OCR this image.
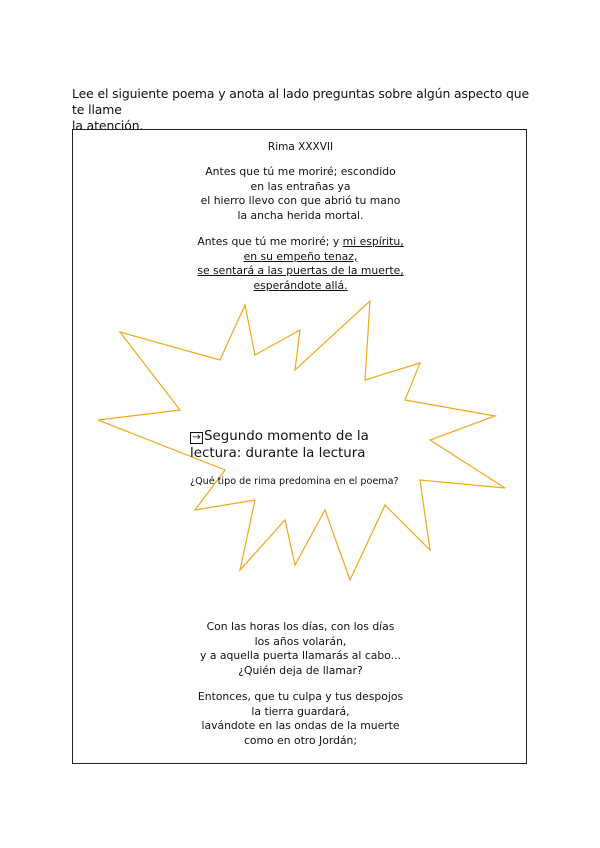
Lee el siguiente poema y anota al lado preguntas sobre algún aspecto que te llame
la atención.
Rima XXXVII
Antes que tú me moriré; escondido
en las entrañas ya
el hierro llevo con que abrió tu mano
la ancha herida mortal.
Antes que tú me moriré; y mi espíritu,
en su empeño tenaz,
se sentará a las puertas de la muerte,
esperándote allá.
Con las horas los días, con los días
los años volarán,
y a aquella puerta llamarás al cabo...
¿Quién deja de llamar?
Entonces, que tu culpa y tus despojos
la tierra guardará,
lavándote en las ondas de la muerte
como en otro Jordán;
→ Segundo momento de la
lectura: durante la lectura
¿Qué tipo de rima predomina en el poema?
